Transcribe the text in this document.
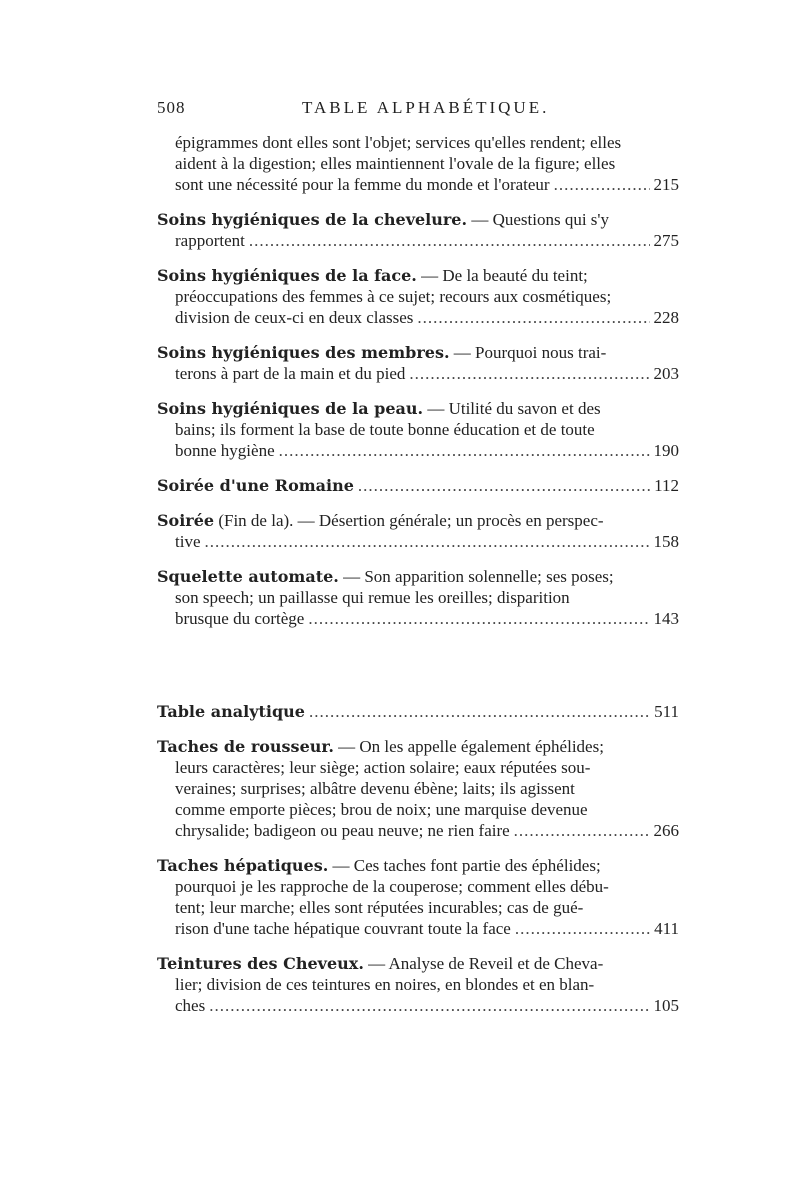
508	TABLE ALPHABÉTIQUE.
épigrammes dont elles sont l'objet; services qu'elles rendent; elles
aident à la digestion; elles maintiennent l'ovale de la figure; elles
sont une nécessité pour la femme du monde et l'orateur .....	215
Soins hygiéniques de la chevelure. — Questions qui s'y
rapportent .....	275
Soins hygiéniques de la face. — De la beauté du teint;
préoccupations des femmes à ce sujet; recours aux cosmétiques;
division de ceux-ci en deux classes .....	228
Soins hygiéniques des membres. — Pourquoi nous trai-
terons à part de la main et du pied .....	203
Soins hygiéniques de la peau. — Utilité du savon et des
bains; ils forment la base de toute bonne éducation et de toute
bonne hygiène .....	190
Soirée d'une Romaine .....	112
Soirée (Fin de la). — Désertion générale; un procès en perspec-
tive .....	158
Squelette automate. — Son apparition solennelle; ses poses;
son speech; un paillasse qui remue les oreilles; disparition
brusque du cortège .....	143
Table analytique .....	511
Taches de rousseur. — On les appelle également éphélides;
leurs caractères; leur siège; action solaire; eaux réputées sou-
veraines; surprises; albâtre devenu ébène; laits; ils agissent
comme emporte pièces; brou de noix; une marquise devenue
chrysalide; badigeon ou peau neuve; ne rien faire .....	266
Taches hépatiques. — Ces taches font partie des éphélides;
pourquoi je les rapproche de la couperose; comment elles débu-
tent; leur marche; elles sont réputées incurables; cas de gué-
rison d'une tache hépatique couvrant toute la face .....	411
Teintures des Cheveux. — Analyse de Reveil et de Cheva-
lier; division de ces teintures en noires, en blondes et en blan-
ches .....	105
